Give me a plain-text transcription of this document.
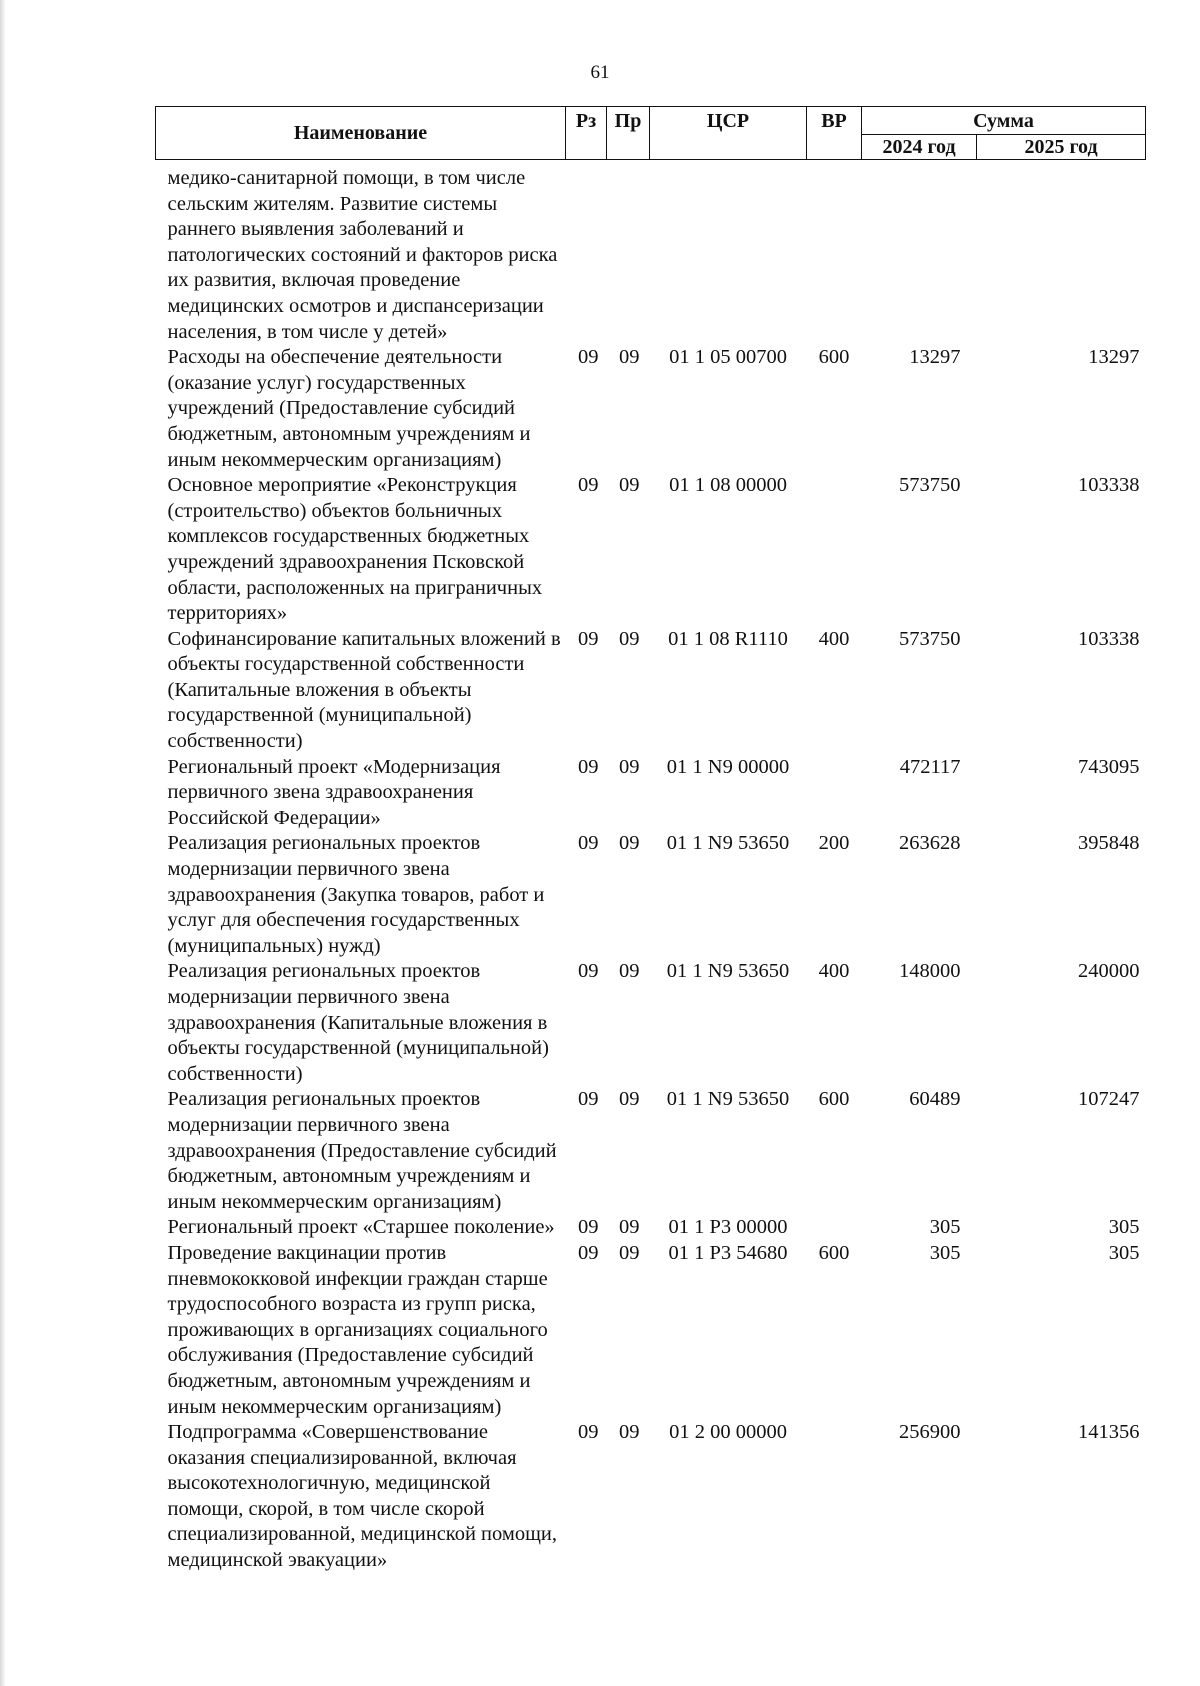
61
Наименование	Рз	Пр	ЦСР	ВР	Сумма	
					2024 год	2025 год
медико-санитарной помощи, в том числе сельским жителям. Развитие системы раннего выявления заболеваний и патологических состояний и факторов риска их развития, включая проведение медицинских осмотров и диспансеризации населения, в том числе у детей»						
Расходы на обеспечение деятельности (оказание услуг) государственных учреждений (Предоставление субсидий бюджетным, автономным учреждениям и иным некоммерческим организациям)	09	09	01 1 05 00700	600	13297	13297
Основное мероприятие «Реконструкция (строительство) объектов больничных комплексов государственных бюджетных учреждений здравоохранения Псковской области, расположенных на приграничных территориях»	09	09	01 1 08 00000		573750	103338
Софинансирование капитальных вложений в объекты государственной собственности (Капитальные вложения в объекты государственной (муниципальной) собственности)	09	09	01 1 08 R1110	400	573750	103338
Региональный проект «Модернизация первичного звена здравоохранения Российской Федерации»	09	09	01 1 N9 00000		472117	743095
Реализация региональных проектов модернизации первичного звена здравоохранения (Закупка товаров, работ и услуг для обеспечения государственных (муниципальных) нужд)	09	09	01 1 N9 53650	200	263628	395848
Реализация региональных проектов модернизации первичного звена здравоохранения (Капитальные вложения в объекты государственной (муниципальной) собственности)	09	09	01 1 N9 53650	400	148000	240000
Реализация региональных проектов модернизации первичного звена здравоохранения (Предоставление субсидий бюджетным, автономным учреждениям и иным некоммерческим организациям)	09	09	01 1 N9 53650	600	60489	107247
Региональный проект «Старшее поколение»	09	09	01 1 P3 00000		305	305
Проведение вакцинации против пневмококковой инфекции граждан старше трудоспособного возраста из групп риска, проживающих в организациях социального обслуживания (Предоставление субсидий бюджетным, автономным учреждениям и иным некоммерческим организациям)	09	09	01 1 P3 54680	600	305	305
Подпрограмма «Совершенствование оказания специализированной, включая высокотехнологичную, медицинской помощи, скорой, в том числе скорой специализированной, медицинской помощи, медицинской эвакуации»	09	09	01 2 00 00000		256900	141356
